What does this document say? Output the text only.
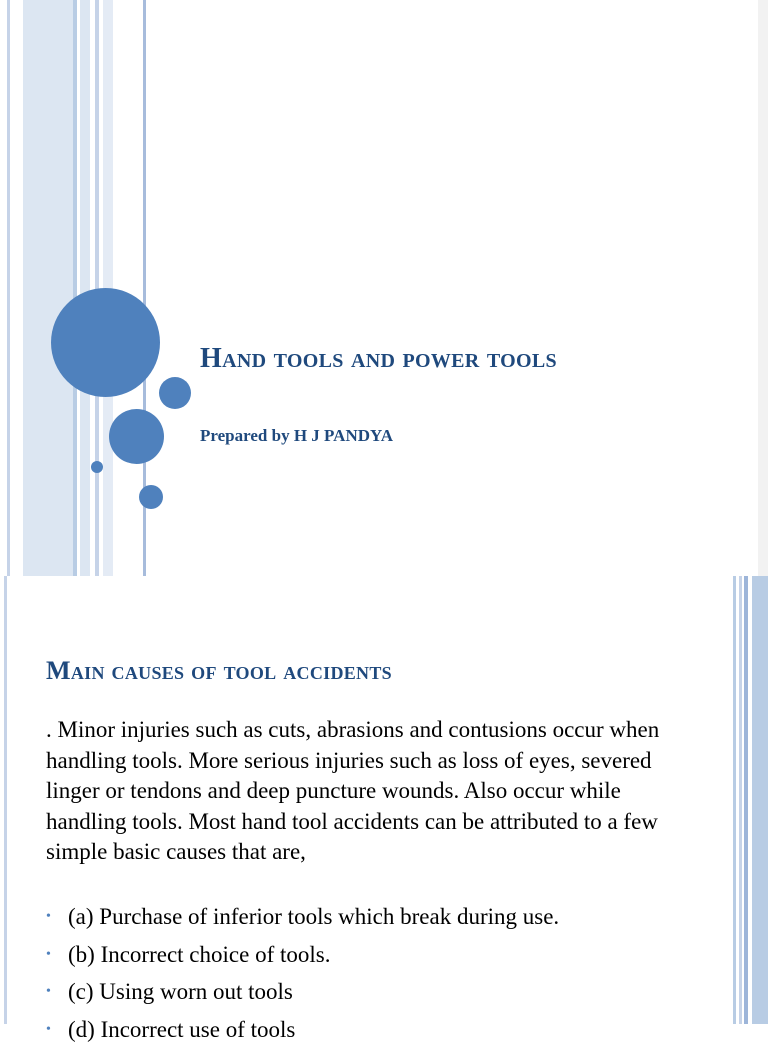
Hand tools and power tools
Prepared by H J PANDYA
Main causes of tool accidents

. Minor injuries such as cuts, abrasions and contusions occur when handling tools. More serious injuries such as loss of eyes, severed linger or tendons and deep puncture wounds. Also occur while handling tools. Most hand tool accidents can be attributed to a few simple basic causes that are,

• (a) Purchase of inferior tools which break during use.
• (b) Incorrect choice of tools.
• (c) Using worn out tools
• (d) Incorrect use of tools
